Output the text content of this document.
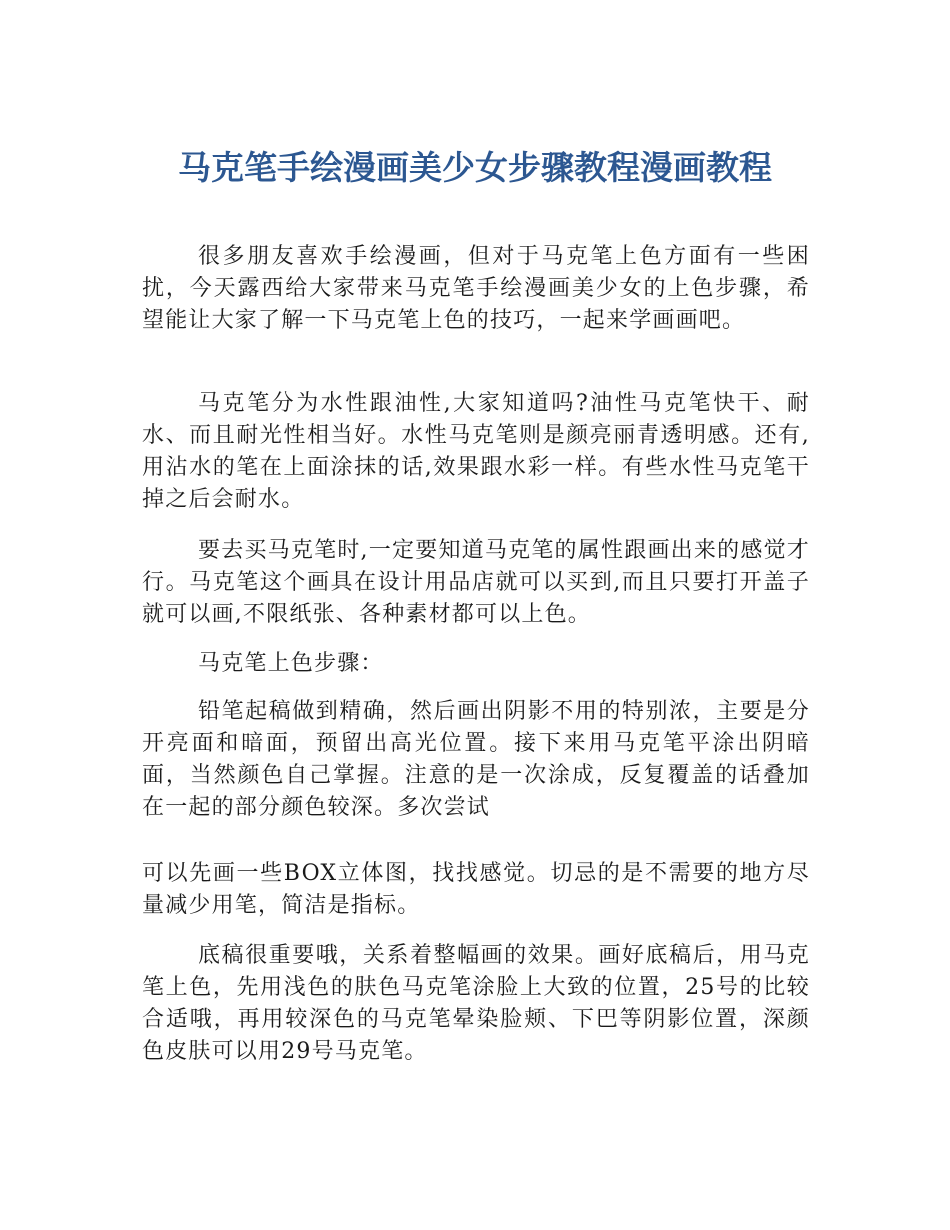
马克笔手绘漫画美少女步骤教程漫画教程

很多朋友喜欢手绘漫画，但对于马克笔上色方面有一些困扰，今天露西给大家带来马克笔手绘漫画美少女的上色步骤，希望能让大家了解一下马克笔上色的技巧，一起来学画画吧。

马克笔分为水性跟油性,大家知道吗?油性马克笔快干、耐水、而且耐光性相当好。水性马克笔则是颜亮丽青透明感。还有,用沾水的笔在上面涂抹的话,效果跟水彩一样。有些水性马克笔干掉之后会耐水。

要去买马克笔时,一定要知道马克笔的属性跟画出来的感觉才行。马克笔这个画具在设计用品店就可以买到,而且只要打开盖子就可以画,不限纸张、各种素材都可以上色。

马克笔上色步骤：

铅笔起稿做到精确，然后画出阴影不用的特别浓，主要是分开亮面和暗面，预留出高光位置。接下来用马克笔平涂出阴暗面，当然颜色自己掌握。注意的是一次涂成，反复覆盖的话叠加在一起的部分颜色较深。多次尝试

可以先画一些BOX立体图，找找感觉。切忌的是不需要的地方尽量减少用笔，简洁是指标。

底稿很重要哦，关系着整幅画的效果。画好底稿后，用马克笔上色，先用浅色的肤色马克笔涂脸上大致的位置，25号的比较合适哦，再用较深色的马克笔晕染脸颊、下巴等阴影位置，深颜色皮肤可以用29号马克笔。
